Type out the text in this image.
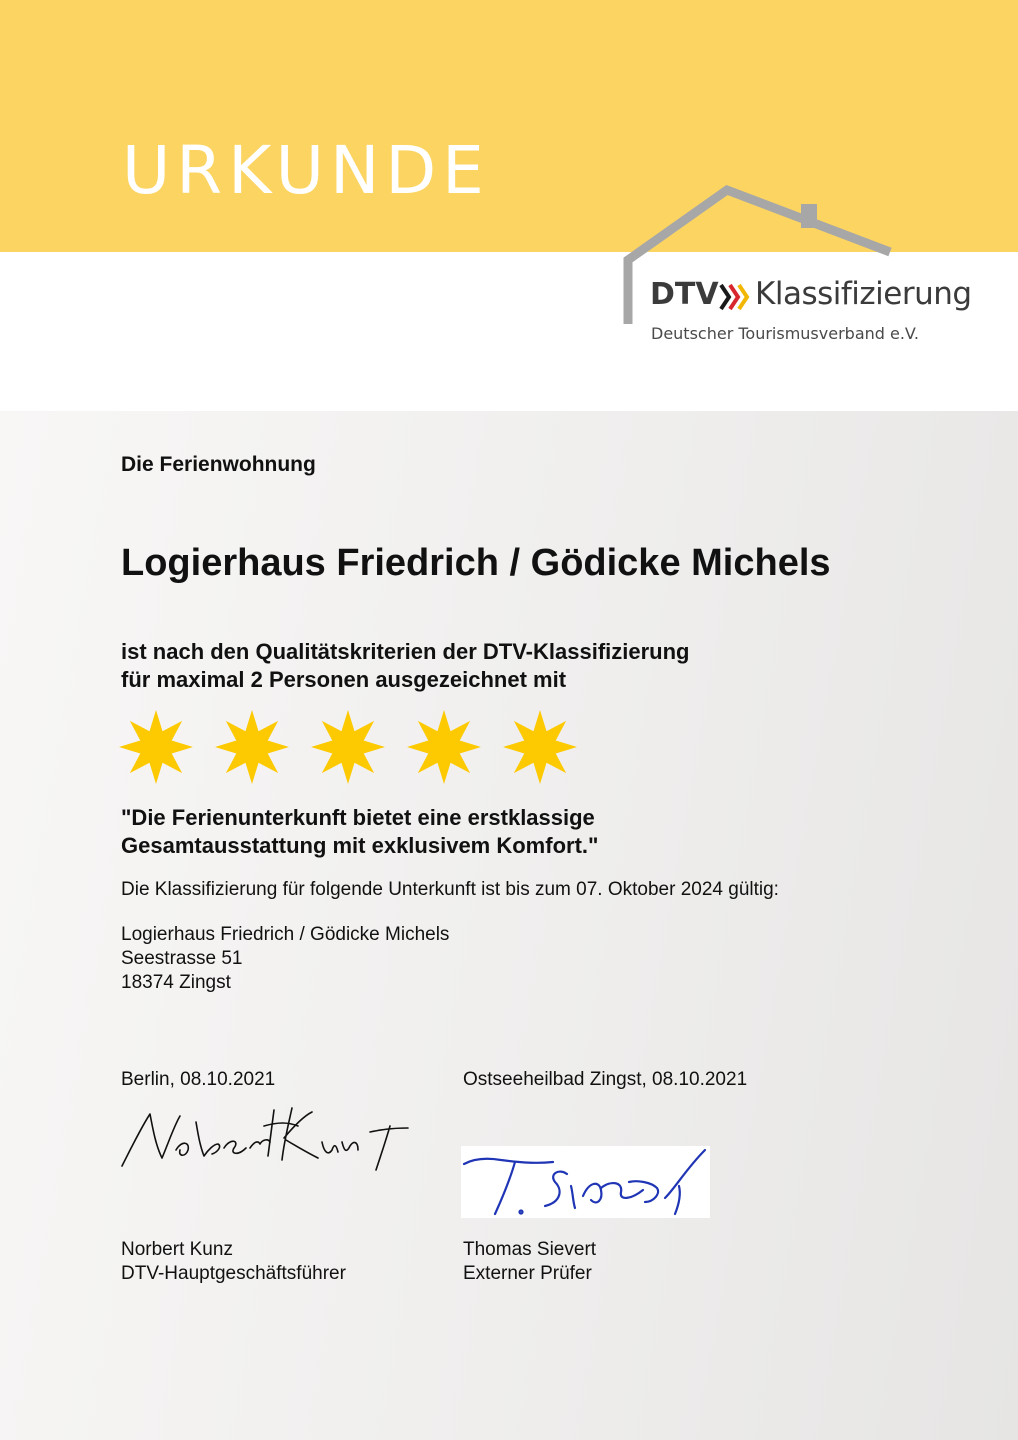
URKUNDE
DTV Klassifizierung
Deutscher Tourismusverband e.V.
Die Ferienwohnung
Logierhaus Friedrich / Gödicke Michels
ist nach den Qualitätskriterien der DTV-Klassifizierung
für maximal 2 Personen ausgezeichnet mit
"Die Ferienunterkunft bietet eine erstklassige
Gesamtausstattung mit exklusivem Komfort."
Die Klassifizierung für folgende Unterkunft ist bis zum 07. Oktober 2024 gültig:
Logierhaus Friedrich / Gödicke Michels
Seestrasse 51
18374 Zingst
Berlin, 08.10.2021	Ostseeheilbad Zingst, 08.10.2021
Norbert Kunz
DTV-Hauptgeschäftsführer
Thomas Sievert
Externer Prüfer
